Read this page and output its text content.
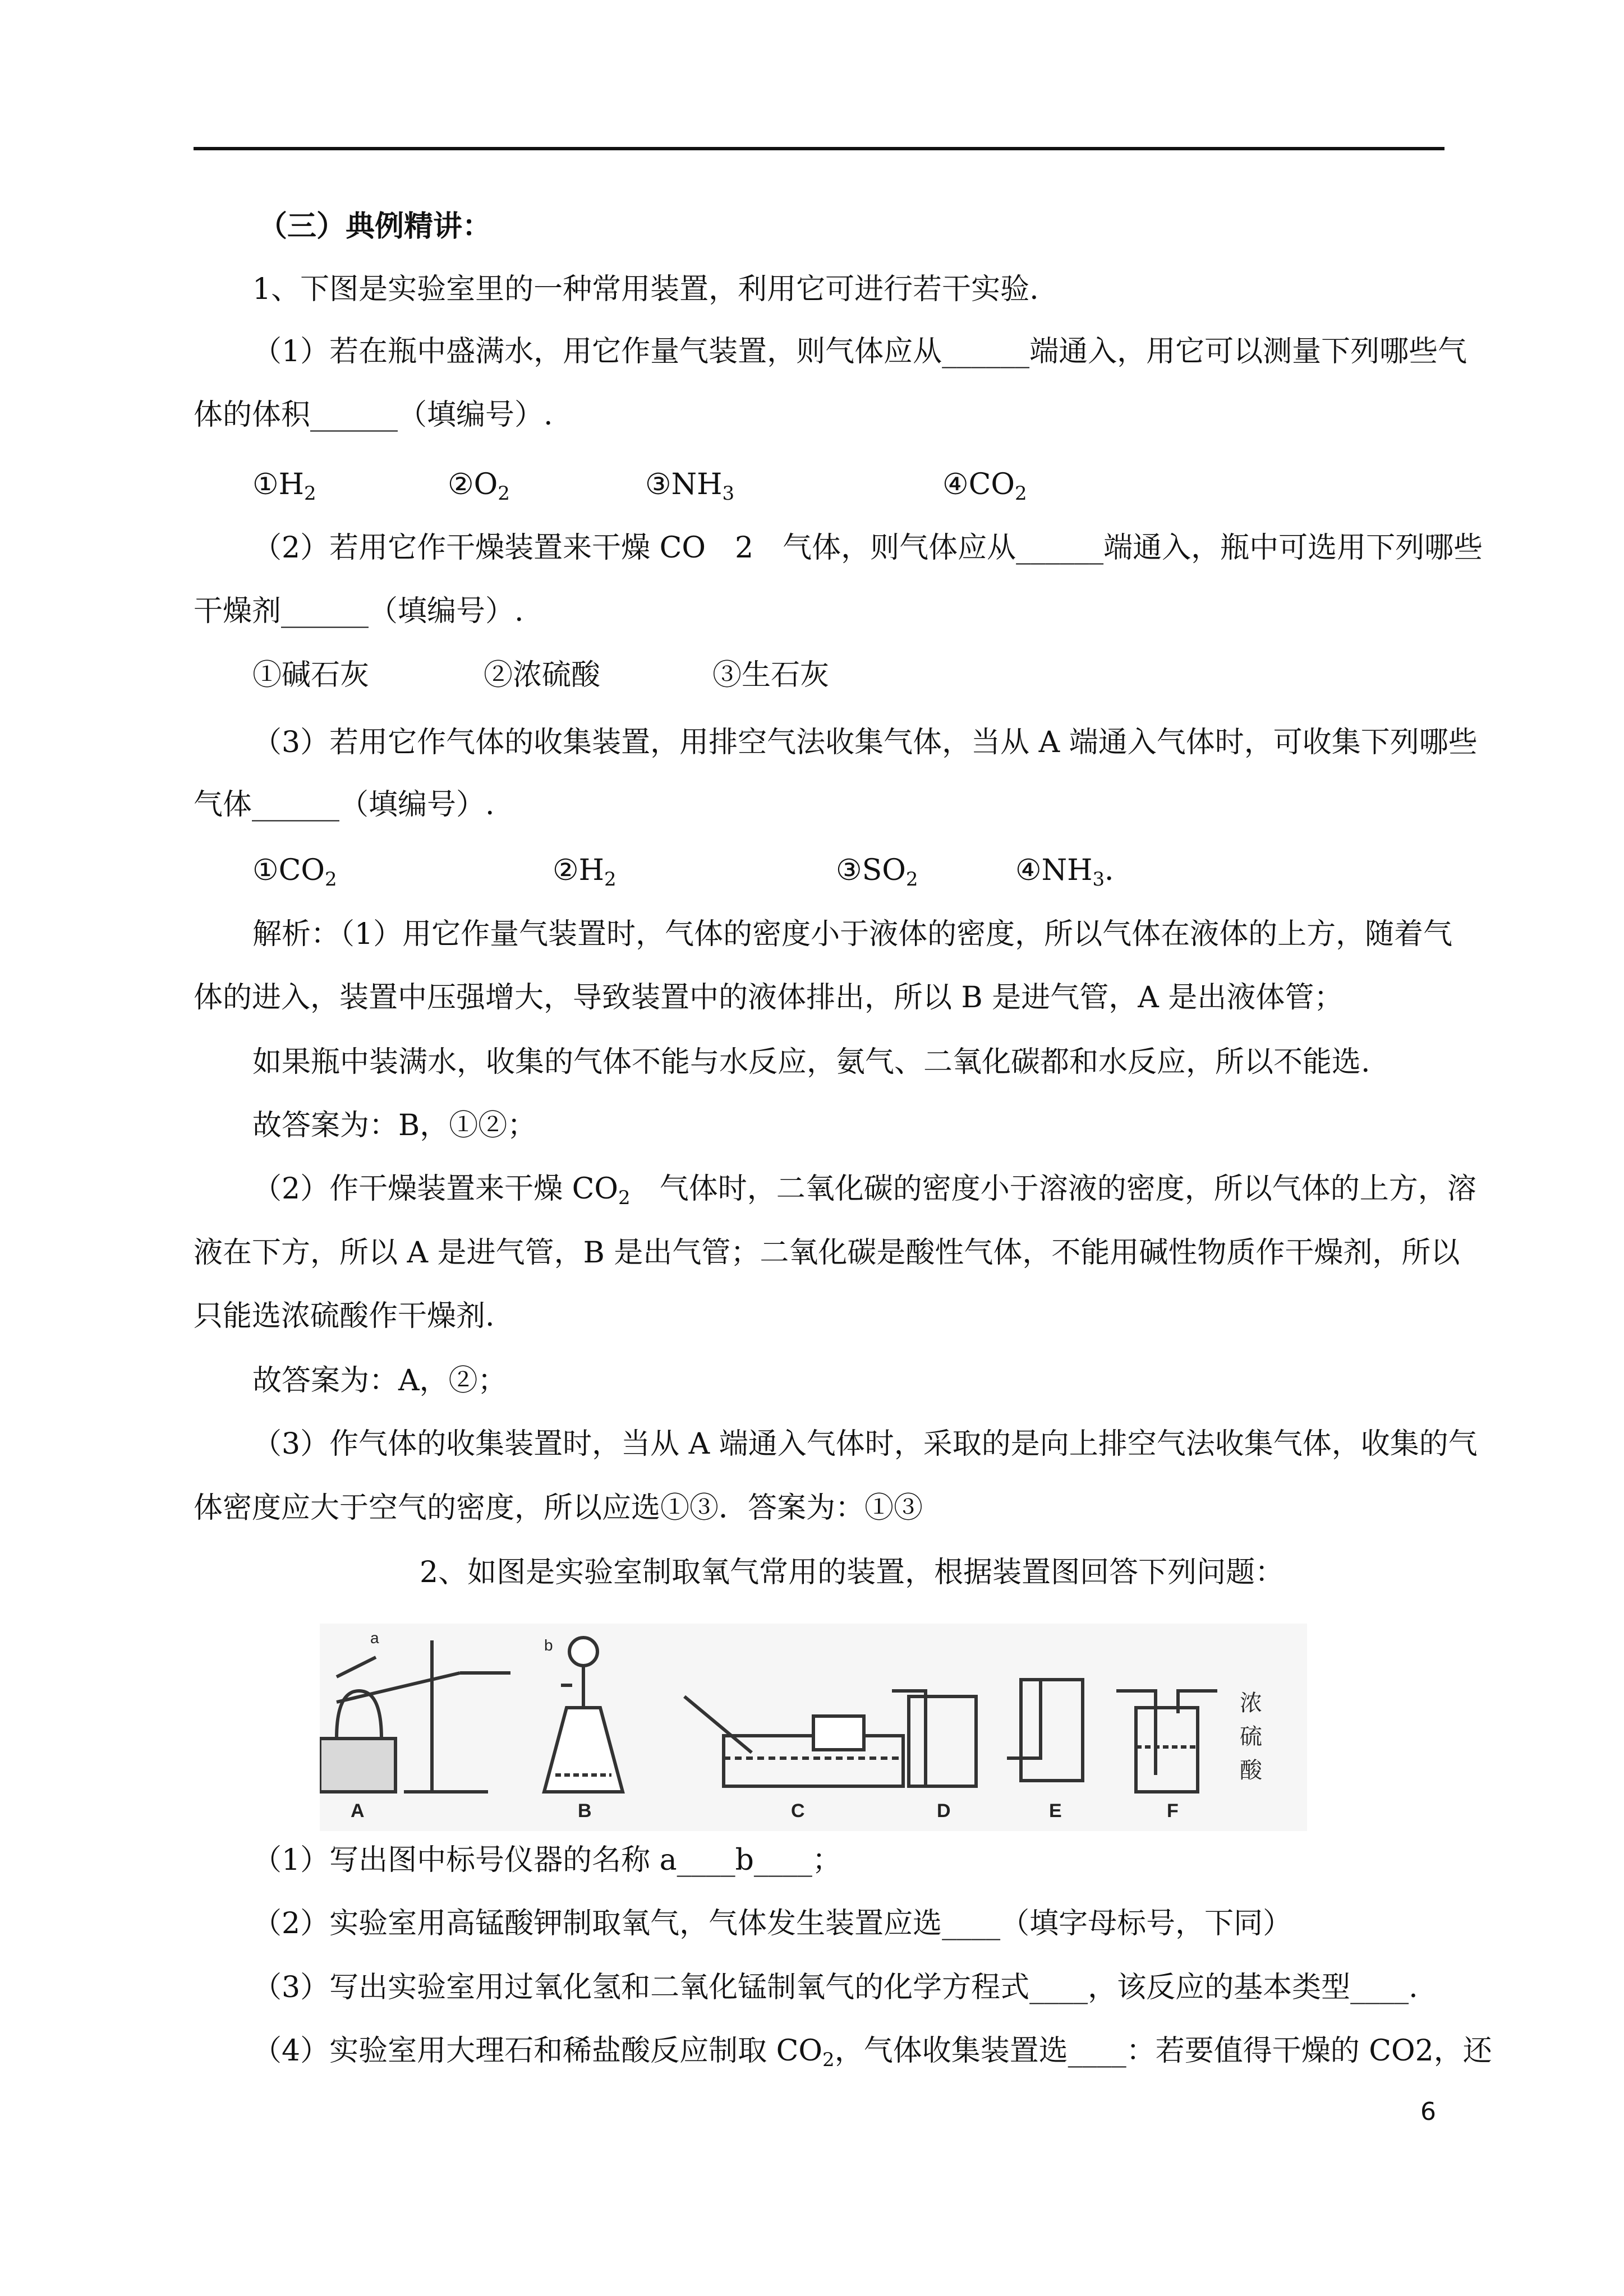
（三）典例精讲：
1、下图是实验室里的一种常用装置，利用它可进行若干实验.
（1）若在瓶中盛满水，用它作量气装置，则气体应从______端通入，用它可以测量下列哪些气
体的体积______（填编号）.
$①H_2$	$②O_2$	$③NH_3$	$④CO_2$
（2）若用它作干燥装置来干燥 CO　2　气体，则气体应从______端通入，瓶中可选用下列哪些
干燥剂______（填编号）.
①碱石灰	②浓硫酸	③生石灰
（3）若用它作气体的收集装置，用排空气法收集气体，当从 A 端通入气体时，可收集下列哪些
气体______（填编号）.
$①CO_2$	$②H_2$	$③SO_2$	$④NH_3$．
解析：（1）用它作量气装置时，气体的密度小于液体的密度，所以气体在液体的上方，随着气
体的进入，装置中压强增大，导致装置中的液体排出，所以 B 是进气管，A 是出液体管；
如果瓶中装满水，收集的气体不能与水反应，氨气、二氧化碳都和水反应，所以不能选.
故答案为：B，①②；
（2）作干燥装置来干燥 $CO_2$　气体时，二氧化碳的密度小于溶液的密度，所以气体的上方，溶
液在下方，所以 A 是进气管，B 是出气管；二氧化碳是酸性气体，不能用碱性物质作干燥剂，所以
只能选浓硫酸作干燥剂.
故答案为：A，②；
（3）作气体的收集装置时，当从 A 端通入气体时，采取的是向上排空气法收集气体，收集的气
体密度应大于空气的密度，所以应选①③．答案为：①③
2、如图是实验室制取氧气常用的装置，根据装置图回答下列问题：
A	B	C	D	E	F
a	b
浓
硫
酸
（1）写出图中标号仪器的名称 a____b____；
（2）实验室用高锰酸钾制取氧气，气体发生装置应选____（填字母标号，下同）
（3）写出实验室用过氧化氢和二氧化锰制氧气的化学方程式____，该反应的基本类型____.
（4）实验室用大理石和稀盐酸反应制取 $CO_2$，气体收集装置选____：若要值得干燥的 CO2，还
6
